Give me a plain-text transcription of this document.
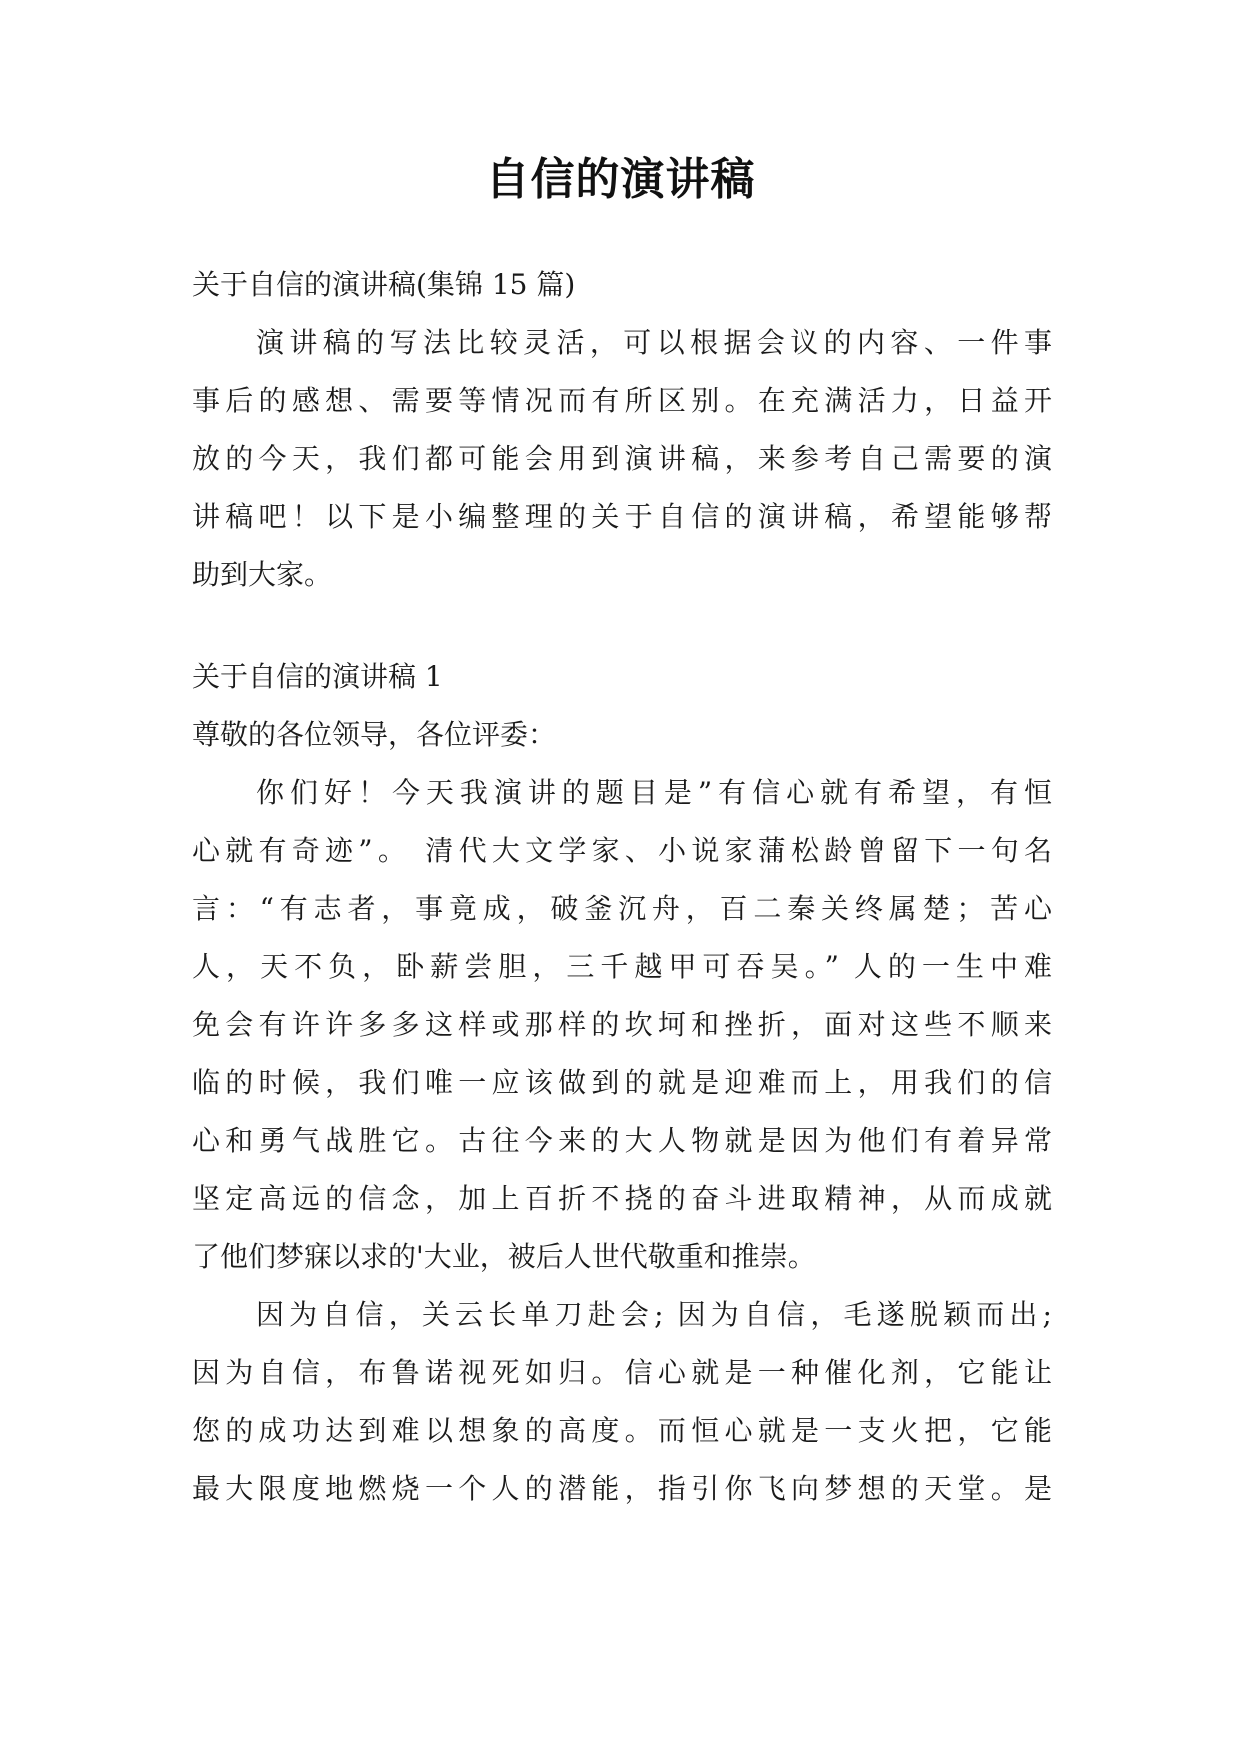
自信的演讲稿
关于自信的演讲稿(集锦 15 篇)
演讲稿的写法比较灵活，可以根据会议的内容、一件事
事后的感想、需要等情况而有所区别。在充满活力，日益开
放的今天，我们都可能会用到演讲稿，来参考自己需要的演
讲稿吧！以下是小编整理的关于自信的演讲稿，希望能够帮
助到大家。
关于自信的演讲稿 1
尊敬的各位领导，各位评委：
你们好！今天我演讲的题目是”有信心就有希望，有恒
心就有奇迹”。 清代大文学家、小说家蒲松龄曾留下一句名
言：“有志者，事竟成，破釜沉舟，百二秦关终属楚；苦心
人，天不负，卧薪尝胆，三千越甲可吞吴。” 人的一生中难
免会有许许多多这样或那样的坎坷和挫折，面对这些不顺来
临的时候，我们唯一应该做到的就是迎难而上，用我们的信
心和勇气战胜它。古往今来的大人物就是因为他们有着异常
坚定高远的信念，加上百折不挠的奋斗进取精神，从而成就
了他们梦寐以求的'大业，被后人世代敬重和推崇。
因为自信，关云长单刀赴会; 因为自信，毛遂脱颖而出;
因为自信，布鲁诺视死如归。信心就是一种催化剂，它能让
您的成功达到难以想象的高度。而恒心就是一支火把，它能
最大限度地燃烧一个人的潜能，指引你飞向梦想的天堂。是
